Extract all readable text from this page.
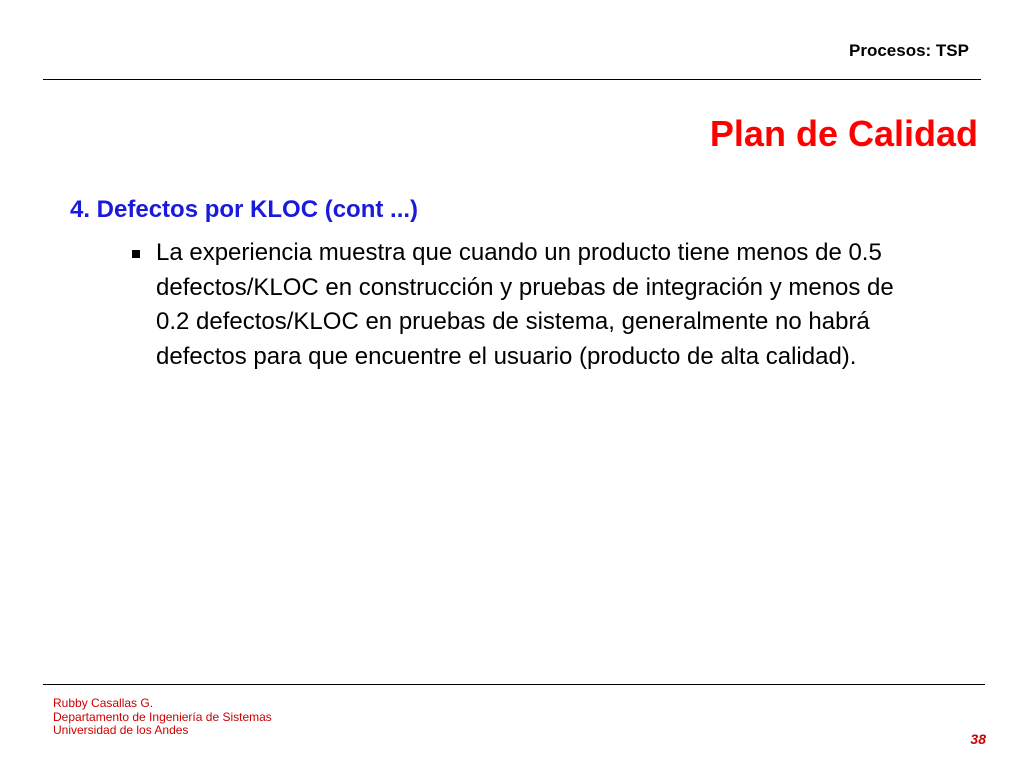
Procesos: TSP
Plan de Calidad
4. Defectos por KLOC (cont ...)
La experiencia muestra que cuando un producto tiene menos de 0.5 defectos/KLOC en construcción y pruebas de integración y menos de 0.2 defectos/KLOC en pruebas de sistema, generalmente no habrá defectos para que encuentre el usuario (producto de alta calidad).
Rubby Casallas G.
Departamento de Ingeniería de Sistemas
Universidad de los Andes
38
